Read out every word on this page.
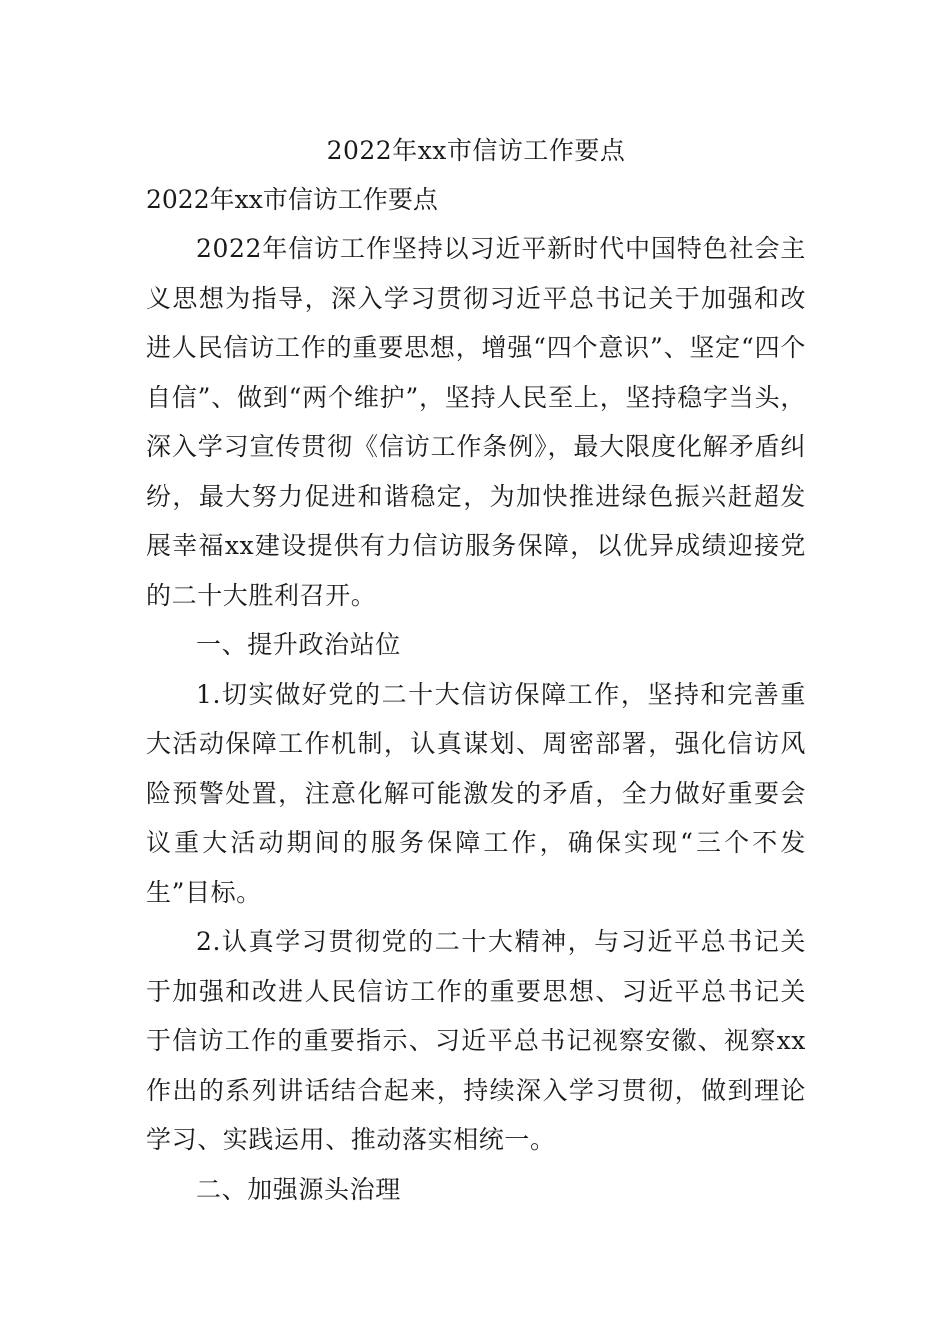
2022年xx市信访工作要点
2022年xx市信访工作要点

2022年信访工作坚持以习近平新时代中国特色社会主义思想为指导，深入学习贯彻习近平总书记关于加强和改进人民信访工作的重要思想，增强“四个意识”、坚定“四个自信”、做到“两个维护”，坚持人民至上，坚持稳字当头，深入学习宣传贯彻《信访工作条例》，最大限度化解矛盾纠纷，最大努力促进和谐稳定，为加快推进绿色振兴赶超发展幸福xx建设提供有力信访服务保障，以优异成绩迎接党的二十大胜利召开。

一、提升政治站位

1.切实做好党的二十大信访保障工作，坚持和完善重大活动保障工作机制，认真谋划、周密部署，强化信访风险预警处置，注意化解可能激发的矛盾，全力做好重要会议重大活动期间的服务保障工作，确保实现“三个不发生”目标。

2.认真学习贯彻党的二十大精神，与习近平总书记关于加强和改进人民信访工作的重要思想、习近平总书记关于信访工作的重要指示、习近平总书记视察安徽、视察xx作出的系列讲话结合起来，持续深入学习贯彻，做到理论学习、实践运用、推动落实相统一。

二、加强源头治理
